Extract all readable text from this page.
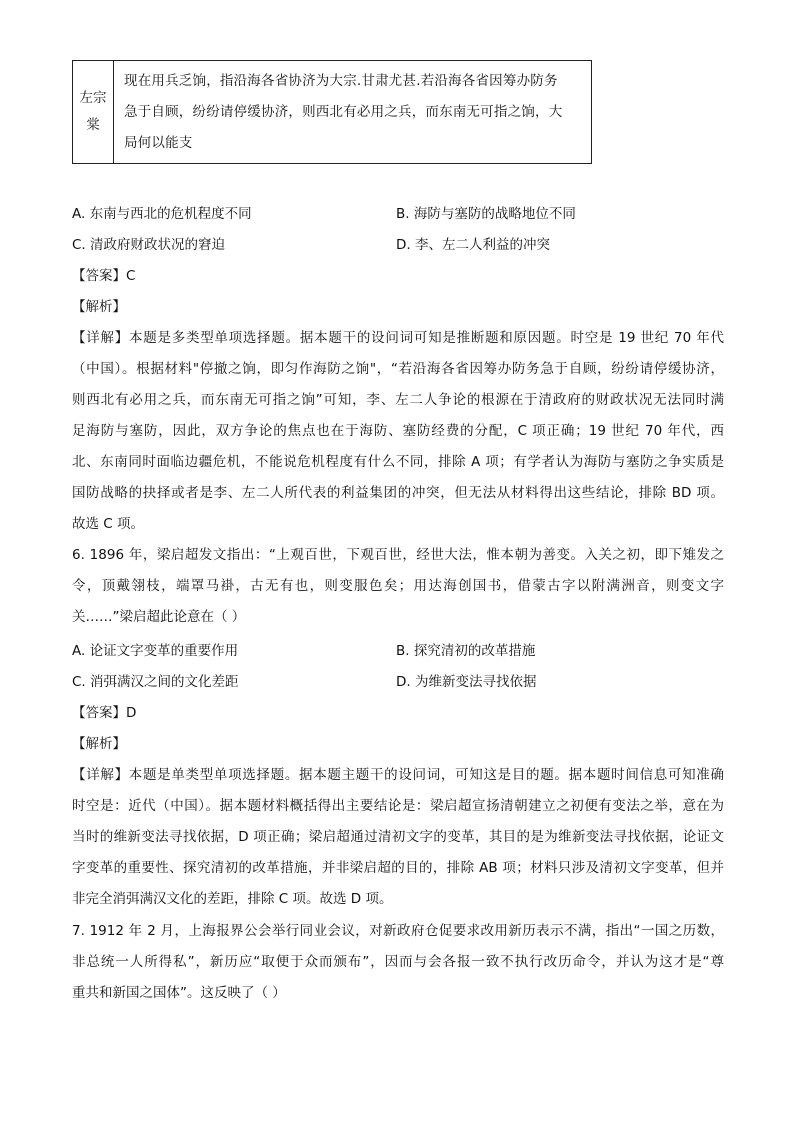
左宗
棠

现在用兵乏饷，指沿海各省协济为大宗.甘肃尤甚.若沿海各省因筹办防务
急于自顾，纷纷请停缓协济，则西北有必用之兵，而东南无可指之饷，大
局何以能支
A. 东南与西北的危机程度不同	B. 海防与塞防的战略地位不同
C. 清政府财政状况的窘迫	D. 李、左二人利益的冲突
【答案】C
【解析】

【详解】本题是多类型单项选择题。据本题干的设问词可知是推断题和原因题。时空是 19 世纪 70 年代

（中国）。根据材料"停撤之饷，即匀作海防之饷"，“若沿海各省因筹办防务急于自顾，纷纷请停缓协济，

则西北有必用之兵，而东南无可指之饷”可知，李、左二人争论的根源在于清政府的财政状况无法同时满

足海防与塞防，因此，双方争论的焦点也在于海防、塞防经费的分配，C 项正确；19 世纪 70 年代，西

北、东南同时面临边疆危机，不能说危机程度有什么不同，排除 A 项；有学者认为海防与塞防之争实质是

国防战略的抉择或者是李、左二人所代表的利益集团的冲突，但无法从材料得出这些结论，排除 BD 项。

故选 C 项。

6. 1896 年，梁启超发文指出：“上观百世，下观百世，经世大法，惟本朝为善变。入关之初，即下雉发之

令，顶戴翎枝，端罩马褂，古无有也，则变服色矣；用达海创国书，借蒙古字以附满洲音，则变文字

关……”梁启超此论意在（ ）

A. 论证文字变革的重要作用	B. 探究清初的改革措施
C. 消弭满汉之间的文化差距	D. 为维新变法寻找依据
【答案】D
【解析】

【详解】本题是单类型单项选择题。据本题主题干的设问词，可知这是目的题。据本题时间信息可知准确

时空是：近代（中国）。据本题材料概括得出主要结论是：梁启超宣扬清朝建立之初便有变法之举，意在为

当时的维新变法寻找依据，D 项正确；梁启超通过清初文字的变革，其目的是为维新变法寻找依据，论证文

字变革的重要性、探究清初的改革措施，并非梁启超的目的，排除 AB 项；材料只涉及清初文字变革，但并

非完全消弭满汉文化的差距，排除 C 项。故选 D 项。

7. 1912 年 2 月，上海报界公会举行同业会议，对新政府仓促要求改用新历表示不满，指出“一国之历数，

非总统一人所得私”，新历应“取便于众而颁布”，因而与会各报一致不执行改历命令，并认为这才是“尊

重共和新国之国体”。这反映了（ ）
